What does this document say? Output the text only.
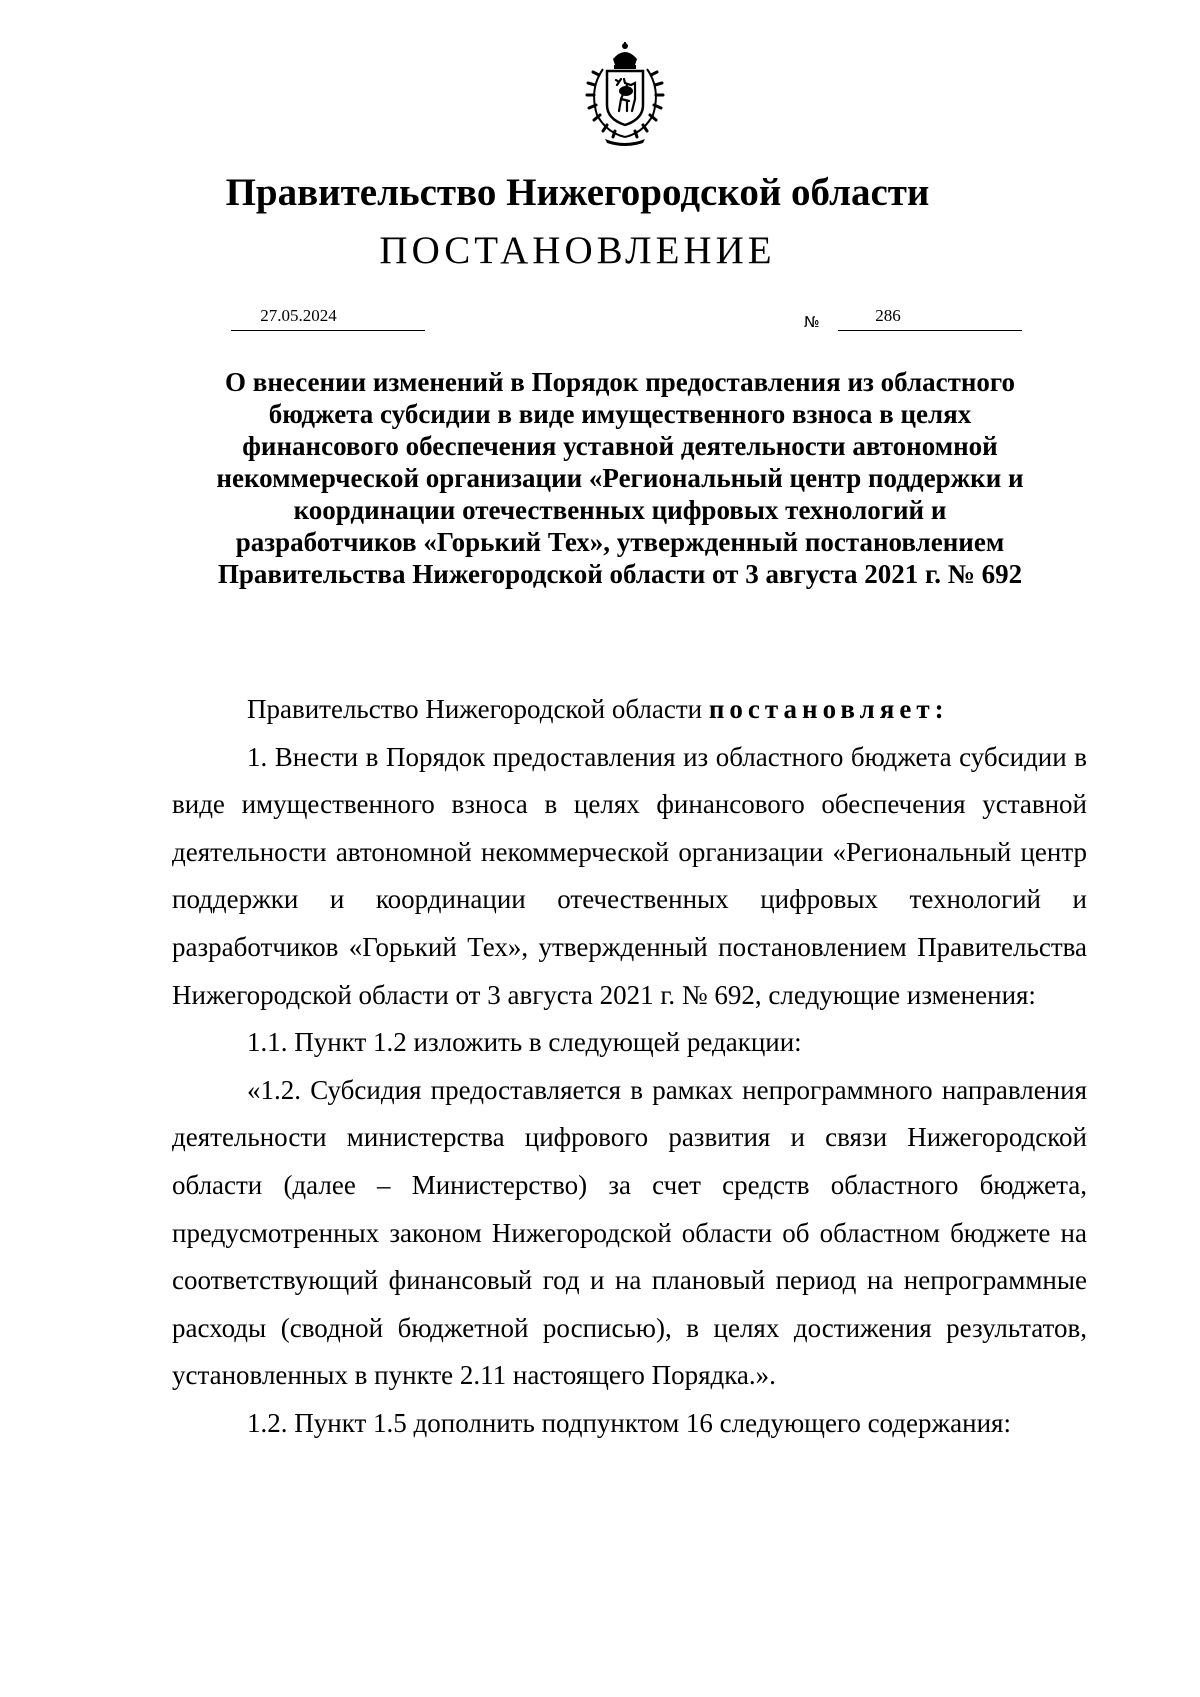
Правительство Нижегородской области
ПОСТАНОВЛЕНИЕ
27.05.2024	№	286
О внесении изменений в Порядок предоставления из областного бюджета субсидии в виде имущественного взноса в целях финансового обеспечения уставной деятельности автономной некоммерческой организации «Региональный центр поддержки и координации отечественных цифровых технологий и разработчиков «Горький Тех», утвержденный постановлением Правительства Нижегородской области от 3 августа 2021 г. № 692

Правительство Нижегородской области постановляет:

1. Внести в Порядок предоставления из областного бюджета субсидии в виде имущественного взноса в целях финансового обеспечения уставной деятельности автономной некоммерческой организации «Региональный центр поддержки и координации отечественных цифровых технологий и разработчиков «Горький Тех», утвержденный постановлением Правительства Нижегородской области от 3 августа 2021 г. № 692, следующие изменения:

1.1. Пункт 1.2 изложить в следующей редакции:

«1.2. Субсидия предоставляется в рамках непрограммного направления деятельности министерства цифрового развития и связи Нижегородской области (далее – Министерство) за счет средств областного бюджета, предусмотренных законом Нижегородской области об областном бюджете на соответствующий финансовый год и на плановый период на непрограммные расходы (сводной бюджетной росписью), в целях достижения результатов, установленных в пункте 2.11 настоящего Порядка.».

1.2. Пункт 1.5 дополнить подпунктом 16 следующего содержания:
